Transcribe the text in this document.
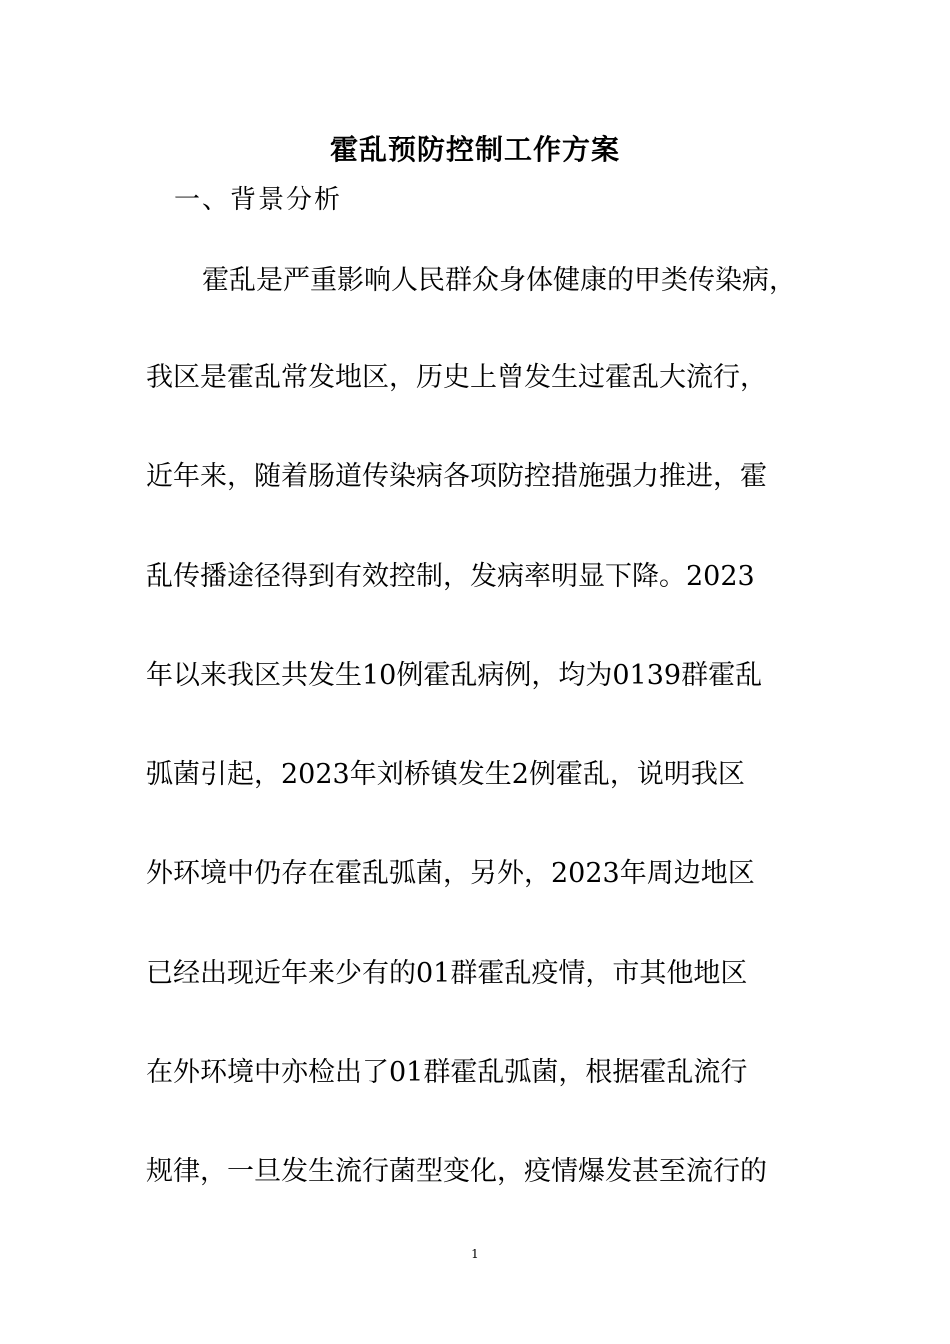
霍乱预防控制工作方案
一、背景分析
霍乱是严重影响人民群众身体健康的甲类传染病，
我区是霍乱常发地区，历史上曾发生过霍乱大流行，
近年来，随着肠道传染病各项防控措施强力推进，霍
乱传播途径得到有效控制，发病率明显下降。2023
年以来我区共发生10例霍乱病例，均为0139群霍乱
弧菌引起，2023年刘桥镇发生2例霍乱，说明我区
外环境中仍存在霍乱弧菌，另外，2023年周边地区
已经出现近年来少有的01群霍乱疫情，市其他地区
在外环境中亦检出了01群霍乱弧菌，根据霍乱流行
规律，一旦发生流行菌型变化，疫情爆发甚至流行的
1
